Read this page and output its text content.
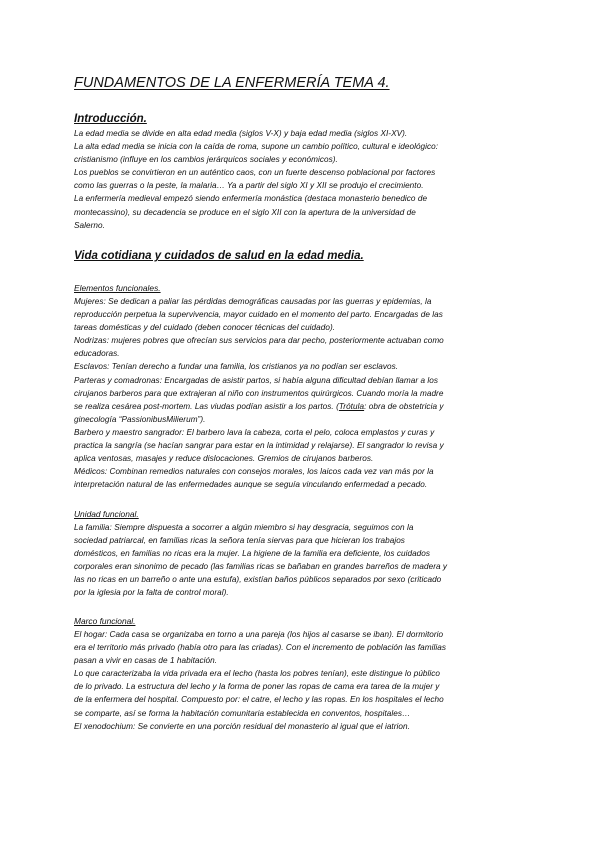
FUNDAMENTOS DE LA ENFERMERÍA TEMA 4.
Introducción.
La edad media se divide en alta edad media (siglos V-X) y baja edad media (siglos XI-XV).
La alta edad media se inicia con la caída de roma, supone un cambio político, cultural e ideológico:
cristianismo (influye en los cambios jerárquicos sociales y económicos).
Los pueblos se convirtieron en un auténtico caos, con un fuerte descenso poblacional por factores
como las guerras o la peste, la malaria… Ya a partir del siglo XI y XII se produjo el crecimiento.
La enfermería medieval empezó siendo enfermería monástica (destaca monasterio benedico de
montecassino), su decadencia se produce en el siglo XII con la apertura de la universidad de
Salerno.
Vida cotidiana y cuidados de salud en la edad media.
Elementos funcionales.
Mujeres: Se dedican a paliar las pérdidas demográficas causadas por las guerras y epidemias, la
reproducción perpetua la supervivencia, mayor cuidado en el momento del parto. Encargadas de las
tareas domésticas y del cuidado (deben conocer técnicas del cuidado).
Nodrizas: mujeres pobres que ofrecían sus servicios para dar pecho, posteriormente actuaban como
educadoras.
Esclavos: Tenían derecho a fundar una familia, los cristianos ya no podían ser esclavos.
Parteras y comadronas: Encargadas de asistir partos, si había alguna dificultad debían llamar a los
cirujanos barberos para que extrajeran al niño con instrumentos quirúrgicos. Cuando moría la madre
se realiza cesárea post-mortem. Las viudas podían asistir a los partos. (Trótula: obra de obstetricia y
ginecología “PassionibusMilierum”).
Barbero y maestro sangrador: El barbero lava la cabeza, corta el pelo, coloca emplastos y curas y
practica la sangría (se hacían sangrar para estar en la intimidad y relajarse). El sangrador lo revisa y
aplica ventosas, masajes y reduce dislocaciones. Gremios de cirujanos barberos.
Médicos: Combinan remedios naturales con consejos morales, los laicos cada vez van más por la
interpretación natural de las enfermedades aunque se seguía vinculando enfermedad a pecado.
Unidad funcional.
La familia: Siempre dispuesta a socorrer a algún miembro si hay desgracia, seguimos con la
sociedad patriarcal, en familias ricas la señora tenía siervas para que hicieran los trabajos
domésticos, en familias no ricas era la mujer. La higiene de la familia era deficiente, los cuidados
corporales eran sinonimo de pecado (las familias ricas se bañaban en grandes barreños de madera y
las no ricas en un barreño o ante una estufa), existían baños públicos separados por sexo (criticado
por la iglesia por la falta de control moral).
Marco funcional.
El hogar: Cada casa se organizaba en torno a una pareja (los hijos al casarse se iban). El dormitorio
era el territorio más privado (había otro para las criadas). Con el incremento de población las familias
pasan a vivir en casas de 1 habitación.
Lo que caracterizaba la vida privada era el lecho (hasta los pobres tenían), este distingue lo público
de lo privado. La estructura del lecho y la forma de poner las ropas de cama era tarea de la mujer y
de la enfermera del hospital. Compuesto por: el catre, el lecho y las ropas. En los hospitales el lecho
se comparte, así se forma la habitación comunitaria establecida en conventos, hospitales…
El xenodochium: Se convierte en una porción residual del monasterio al igual que el iatrion.
